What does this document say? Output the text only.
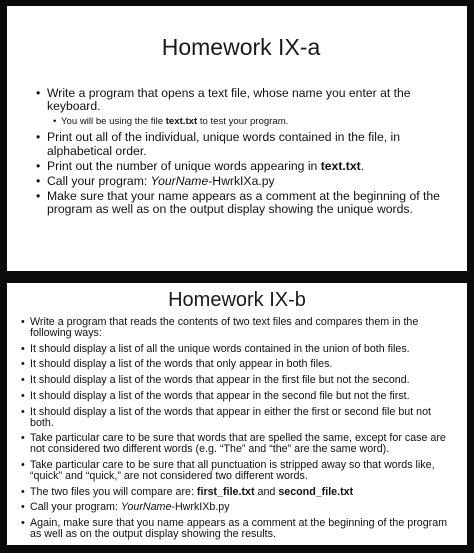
Homework IX-a
• Write a program that opens a text file, whose name you enter at the keyboard.
• You will be using the file text.txt to test your program.
• Print out all of the individual, unique words contained in the file, in alphabetical order.
• Print out the number of unique words appearing in text.txt.
• Call your program: YourName-HwrkIXa.py
• Make sure that your name appears as a comment at the beginning of the program as well as on the output display showing the unique words.
Homework IX-b
• Write a program that reads the contents of two text files and compares them in the following ways:
• It should display a list of all the unique words contained in the union of both files.
• It should display a list of the words that only appear in both files.
• It should display a list of the words that appear in the first file but not the second.
• It should display a list of the words that appear in the second file but not the first.
• It should display a list of the words that appear in either the first or second file but not both.
• Take particular care to be sure that words that are spelled the same, except for case are not considered two different words (e.g. “The” and “the” are the same word).
• Take particular care to be sure that all punctuation is stripped away so that words like, “quick” and “quick,” are not considered two different words.
• The two files you will compare are: first_file.txt and second_file.txt
• Call your program: YourName-HwrkIXb.py
• Again, make sure that you name appears as a comment at the beginning of the program as well as on the output display showing the results.
